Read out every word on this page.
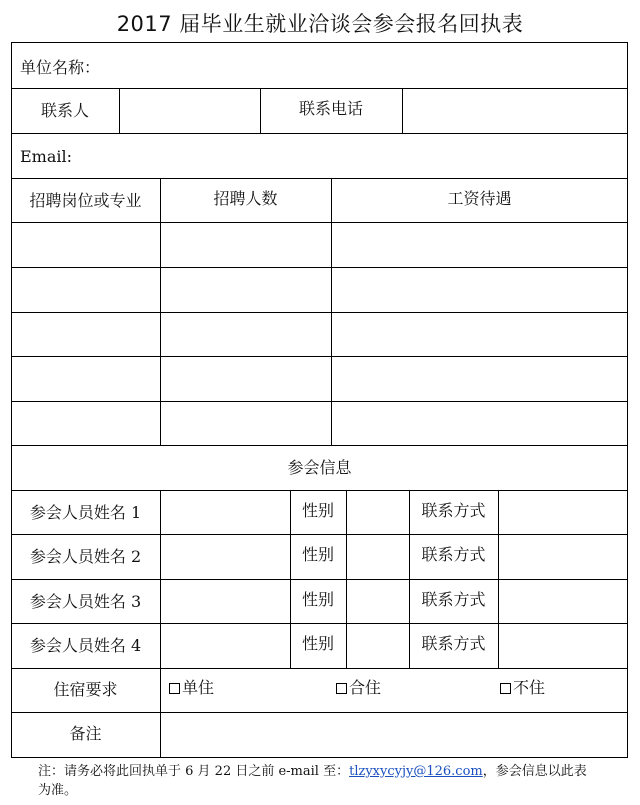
2017 届毕业生就业洽谈会参会报名回执表
单位名称：
联系人	联系电话
Email:
招聘岗位或专业	招聘人数	工资待遇
参会信息
参会人员姓名 1	性别	联系方式
参会人员姓名 2	性别	联系方式
参会人员姓名 3	性别	联系方式
参会人员姓名 4	性别	联系方式
住宿要求	单住	合住	不住
备注
注：请务必将此回执单于 6 月 22 日之前 e-mail 至：tlzyxycyjy@126.com，参会信息以此表为准。
